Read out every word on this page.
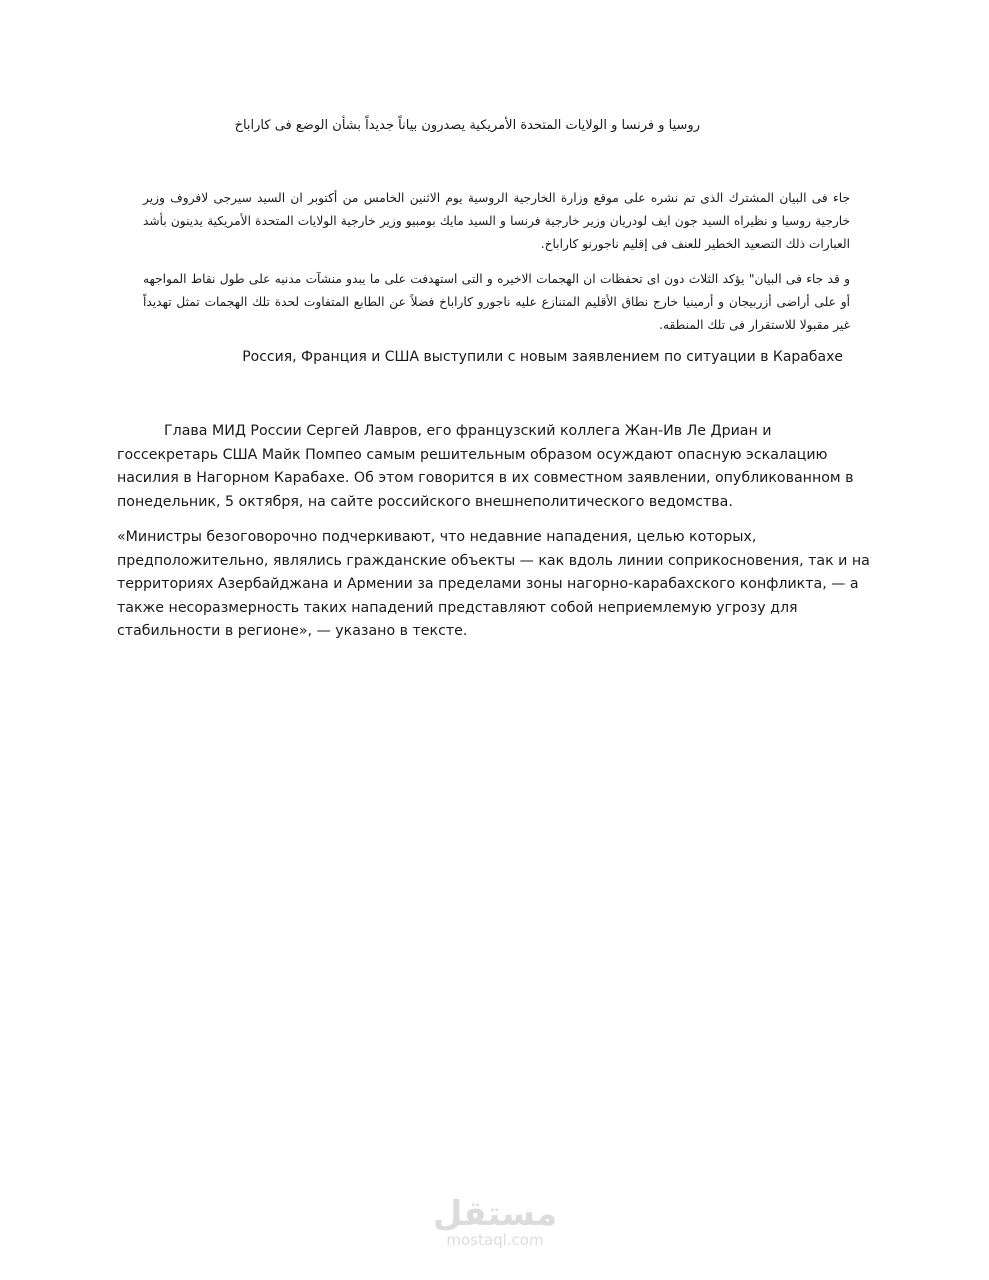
روسيا و فرنسا و الولايات المتحدة الأمريكية يصدرون بياناً جديداً بشأن الوضع فى كاراباخ
جاء فى البيان المشترك الذى تم نشره على موقع وزارة الخارجية الروسية يوم الاثنين الخامس من أكتوبر ان السيد سيرجى لافروف وزير خارجية روسيا و نظيراه السيد جون ايف لودريان وزير خارجية فرنسا و السيد مايك بومبيو وزير خارجية الولايات المتحدة الأمريكية يدينون بأشد العبارات ذلك التصعيد الخطير للعنف فى إقليم ناجورنو كاراباخ.
و قد جاء فى البيان" يؤكد الثلاث دون اى تحفظات ان الهجمات الاخيره و التى استهدفت على ما يبدو منشآت مدنيه على طول نقاط المواجهه أو على أراضى أزربيجان و أرمينيا خارج نطاق الأقليم المتنازع عليه ناجورو كاراباخ فضلاً عن الطابع المتفاوت لحدة تلك الهجمات تمثل تهديداً غير مقبولا للاستقرار فى تلك المنطقه.
Россия, Франция и США выступили с новым заявлением по ситуации в Карабахе
Глава МИД России Сергей Лавров, его французский коллега Жан-Ив Ле Дриан и госсекретарь США Майк Помпео самым решительным образом осуждают опасную эскалацию насилия в Нагорном Карабахе. Об этом говорится в их совместном заявлении, опубликованном в понедельник, 5 октября, на сайте российского внешнеполитического ведомства.
«Министры безоговорочно подчеркивают, что недавние нападения, целью которых, предположительно, являлись гражданские объекты — как вдоль линии соприкосновения, так и на территориях Азербайджана и Армении за пределами зоны нагорно-карабахского конфликта, — а также несоразмерность таких нападений представляют собой неприемлемую угрозу для стабильности в регионе», — указано в тексте.
مستقل
mostaql.com
